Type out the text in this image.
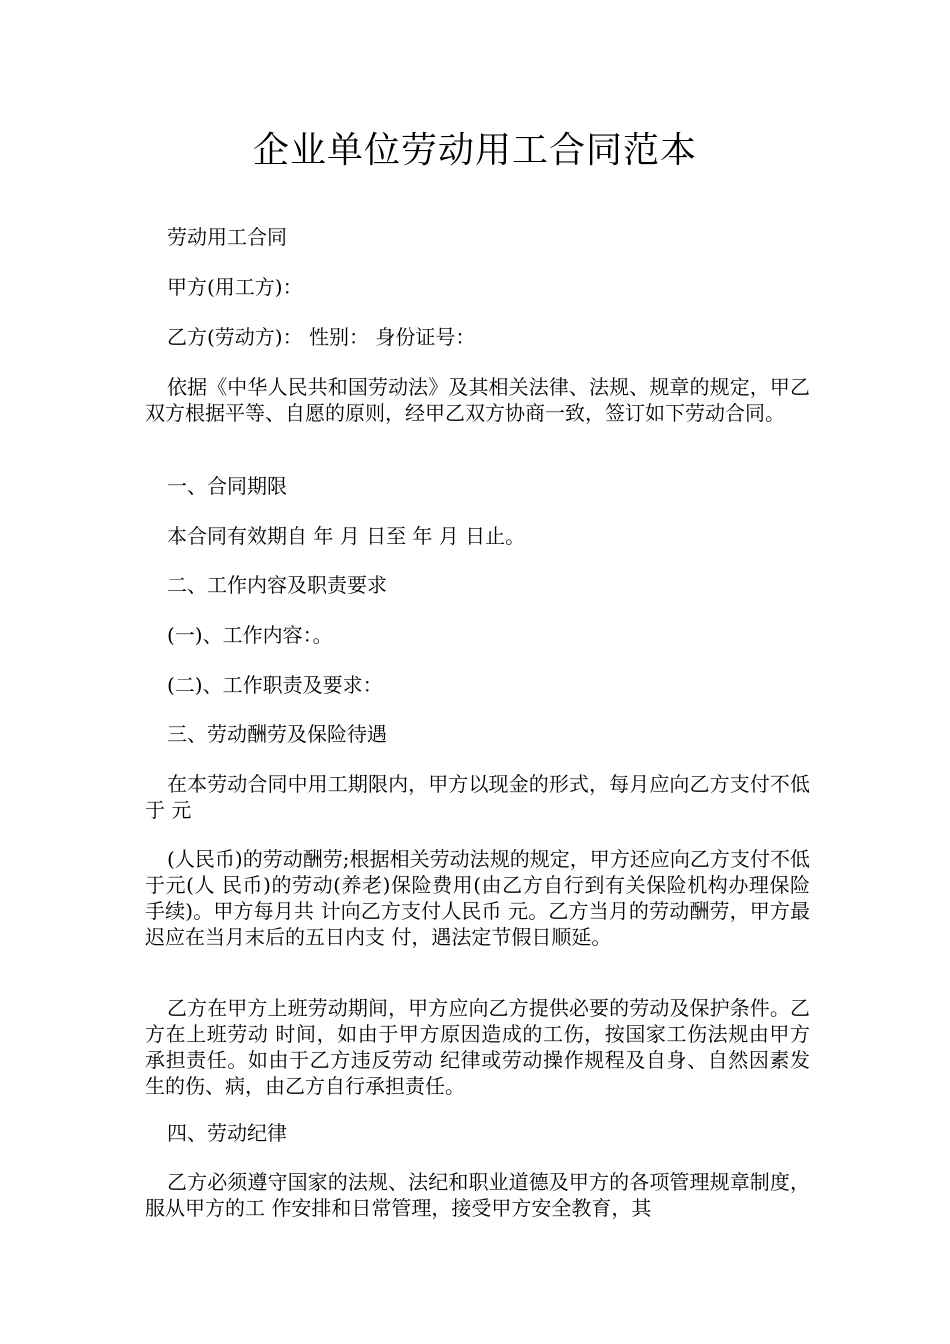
企业单位劳动用工合同范本

劳动用工合同

甲方(用工方)：

乙方(劳动方)： 性别： 身份证号：

依据《中华人民共和国劳动法》及其相关法律、法规、规章的规定，甲乙双方根据平等、自愿的原则，经甲乙双方协商一致，签订如下劳动合同。

一、合同期限

本合同有效期自 年 月 日至 年 月 日止。

二、工作内容及职责要求

(一)、工作内容：。

(二)、工作职责及要求：

三、劳动酬劳及保险待遇

在本劳动合同中用工期限内，甲方以现金的形式，每月应向乙方支付不低于 元

(人民币)的劳动酬劳;根据相关劳动法规的规定，甲方还应向乙方支付不低于元(人 民币)的劳动(养老)保险费用(由乙方自行到有关保险机构办理保险手续)。甲方每月共 计向乙方支付人民币 元。乙方当月的劳动酬劳，甲方最迟应在当月末后的五日内支 付，遇法定节假日顺延。

乙方在甲方上班劳动期间，甲方应向乙方提供必要的劳动及保护条件。乙方在上班劳动 时间，如由于甲方原因造成的工伤，按国家工伤法规由甲方承担责任。如由于乙方违反劳动 纪律或劳动操作规程及自身、自然因素发生的伤、病，由乙方自行承担责任。

四、劳动纪律

乙方必须遵守国家的法规、法纪和职业道德及甲方的各项管理规章制度，服从甲方的工 作安排和日常管理，接受甲方安全教育，其
